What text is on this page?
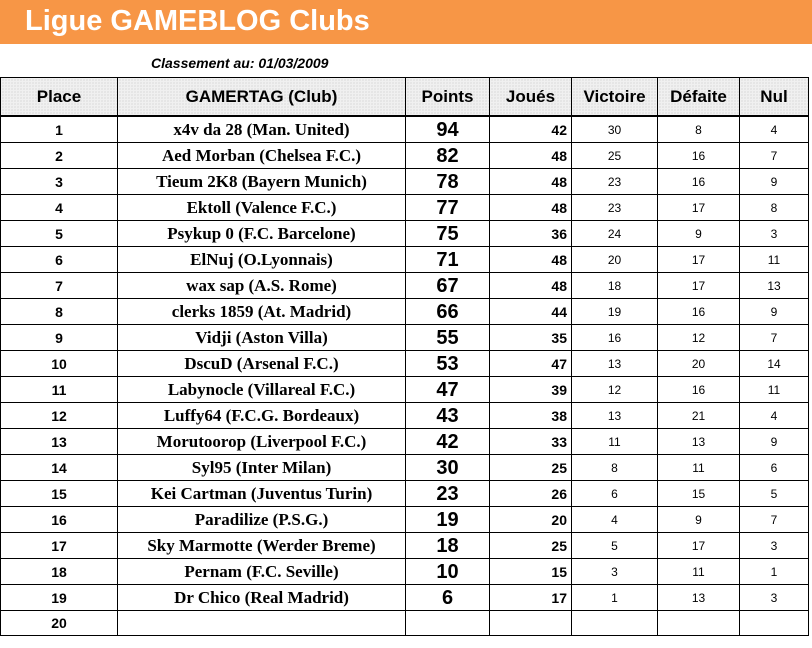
Ligue GAMEBLOG Clubs
Classement au: 01/03/2009
Place	GAMERTAG (Club)	Points	Joués	Victoire	Défaite	Nul
1	x4v da 28 (Man. United)	94	42	30	8	4
2	Aed Morban (Chelsea F.C.)	82	48	25	16	7
3	Tieum 2K8 (Bayern Munich)	78	48	23	16	9
4	Ektoll (Valence F.C.)	77	48	23	17	8
5	Psykup 0 (F.C. Barcelone)	75	36	24	9	3
6	ElNuj (O.Lyonnais)	71	48	20	17	11
7	wax sap (A.S. Rome)	67	48	18	17	13
8	clerks 1859 (At. Madrid)	66	44	19	16	9
9	Vidji (Aston Villa)	55	35	16	12	7
10	DscuD (Arsenal F.C.)	53	47	13	20	14
11	Labynocle (Villareal F.C.)	47	39	12	16	11
12	Luffy64 (F.C.G. Bordeaux)	43	38	13	21	4
13	Morutoorop (Liverpool F.C.)	42	33	11	13	9
14	Syl95 (Inter Milan)	30	25	8	11	6
15	Kei Cartman (Juventus Turin)	23	26	6	15	5
16	Paradilize (P.S.G.)	19	20	4	9	7
17	Sky Marmotte (Werder Breme)	18	25	5	17	3
18	Pernam (F.C. Seville)	10	15	3	11	1
19	Dr Chico (Real Madrid)	6	17	1	13	3
20						
